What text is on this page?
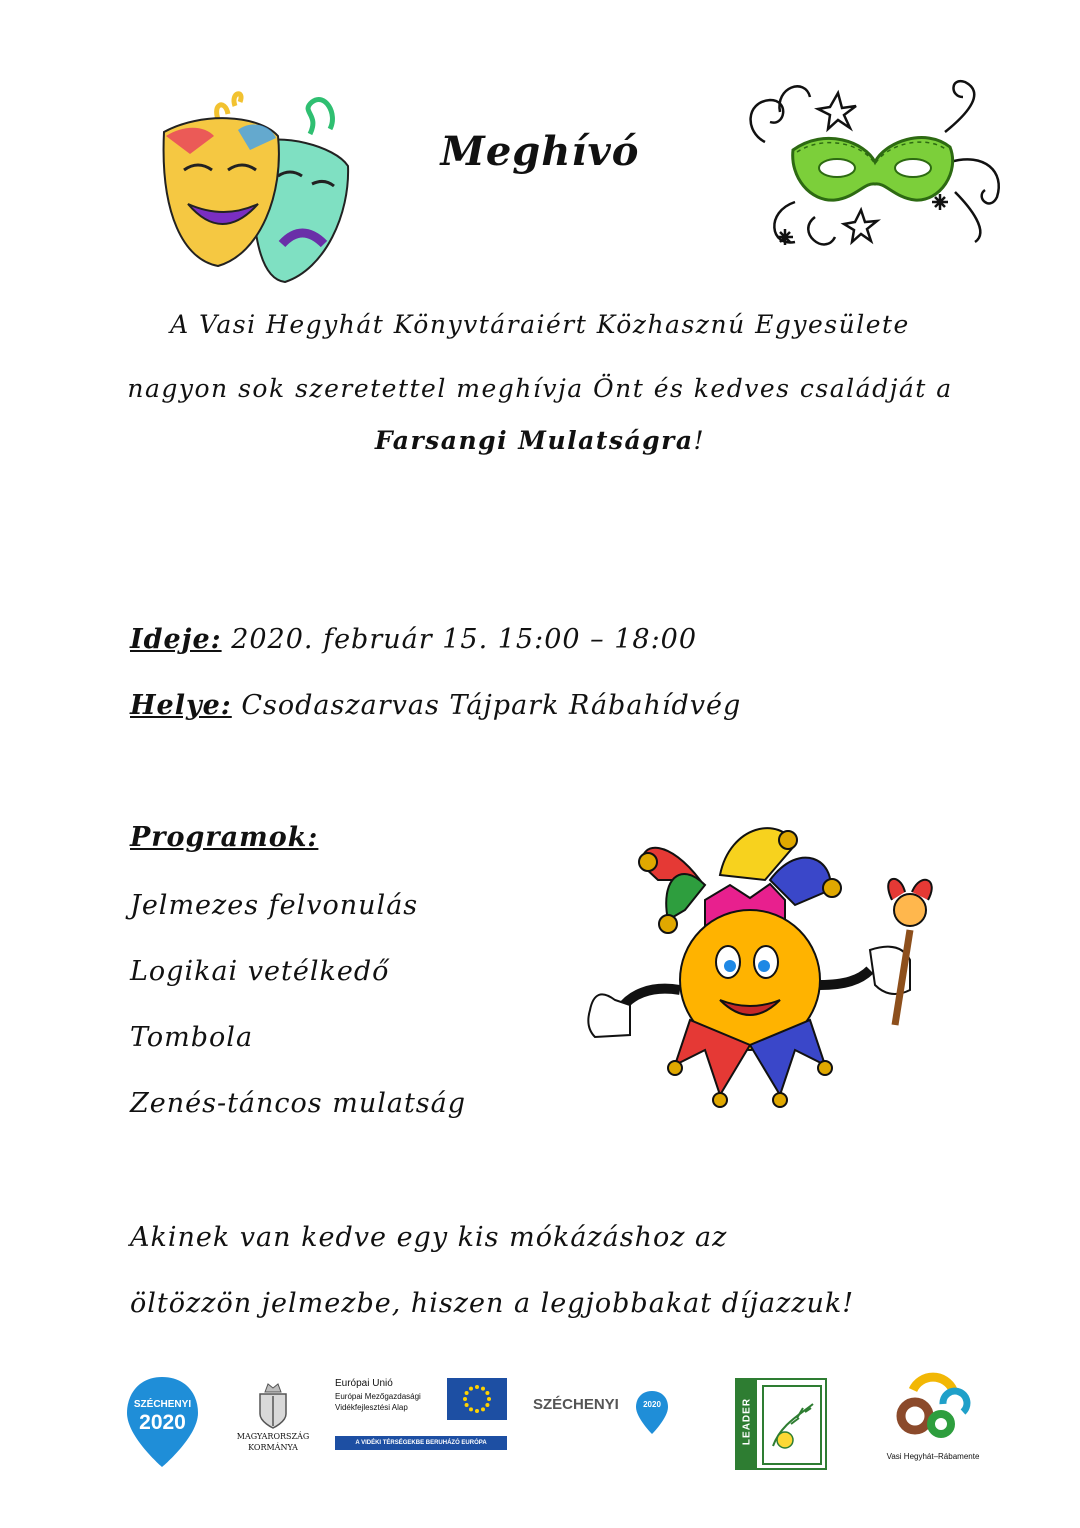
Meghívó
A Vasi Hegyhát Könyvtáraiért Közhasznú Egyesülete
nagyon sok szeretettel meghívja Önt és kedves családját a
Farsangi Mulatságra!
Ideje: 2020. február 15. 15:00 – 18:00
Helye: Csodaszarvas Tájpark Rábahídvég
Programok:
Jelmezes felvonulás
Logikai vetélkedő
Tombola
Zenés-táncos mulatság
Akinek van kedve egy kis mókázáshoz az
öltözzön jelmezbe, hiszen a legjobbakat díjazzuk!
SZÉCHENYI
2020
MAGYARORSZÁG
KORMÁNYA
Európai Unió
Európai Mezőgazdasági
Vidékfejlesztési Alap
A VIDÉKI TÉRSÉGEKBE BERUHÁZÓ EURÓPA
SZÉCHENYI	2020	LEADER
Vasi Hegyhát–Rábamente
